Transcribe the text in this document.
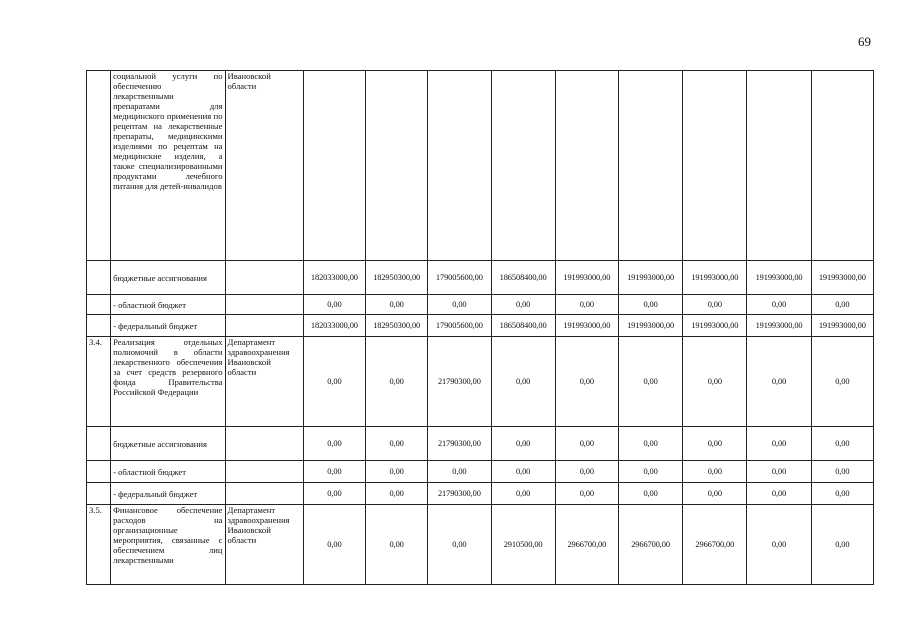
69
	социальной услуги по обеспечению лекарственными препаратами для медицинского применения по рецептам на лекарственные препараты, медицинскими изделиями по рецептам на медицинские изделия, а также специализированными продуктами лечебного питания для детей-инвалидов	Ивановской области									
	бюджетные ассигнования		182033000,00	182950300,00	179005600,00	186508400,00	191993000,00	191993000,00	191993000,00	191993000,00	191993000,00
	- областной бюджет		0,00	0,00	0,00	0,00	0,00	0,00	0,00	0,00	0,00
	- федеральный бюджет		182033000,00	182950300,00	179005600,00	186508400,00	191993000,00	191993000,00	191993000,00	191993000,00	191993000,00
3.4.	Реализация отдельных полномочий в области лекарственного обеспечения за счет средств резервного фонда Правительства Российской Федерации	Департамент здравоохранения Ивановской области	0,00	0,00	21790300,00	0,00	0,00	0,00	0,00	0,00	0,00
	бюджетные ассигнования		0,00	0,00	21790300,00	0,00	0,00	0,00	0,00	0,00	0,00
	- областной бюджет		0,00	0,00	0,00	0,00	0,00	0,00	0,00	0,00	0,00
	- федеральный бюджет		0,00	0,00	21790300,00	0,00	0,00	0,00	0,00	0,00	0,00
3.5.	Финансовое обеспечение расходов на организационные мероприятия, связанные с обеспечением лиц лекарственными	Департамент здравоохранения Ивановской области	0,00	0,00	0,00	2910500,00	2966700,00	2966700,00	2966700,00	0,00	0,00
